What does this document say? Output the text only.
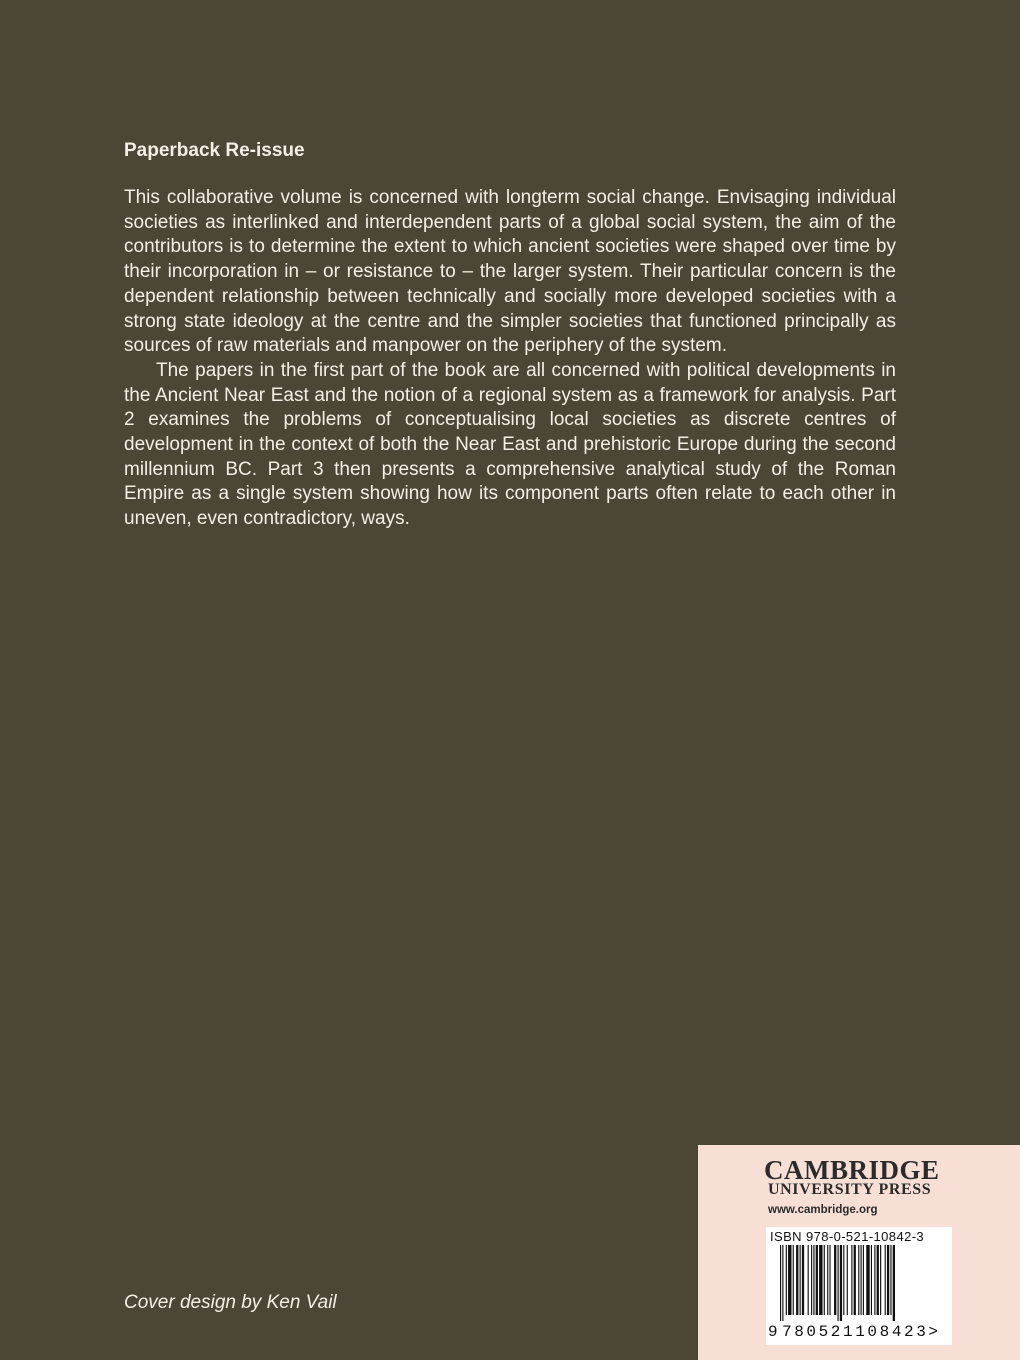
Paperback Re-issue

This collaborative volume is concerned with longterm social change. Envisaging individual societies as interlinked and interdependent parts of a global social system, the aim of the contributors is to determine the extent to which ancient societies were shaped over time by their incorporation in – or resistance to – the larger system. Their particular concern is the dependent relationship between technically and socially more developed societies with a strong state ideology at the centre and the simpler societies that functioned principally as sources of raw materials and manpower on the periphery of the system.

The papers in the first part of the book are all concerned with political developments in the Ancient Near East and the notion of a regional system as a framework for analysis. Part 2 examines the problems of conceptualising local societies as discrete centres of development in the context of both the Near East and prehistoric Europe during the second millennium BC. Part 3 then presents a comprehensive analytical study of the Roman Empire as a single system showing how its component parts often relate to each other in uneven, even contradictory, ways.

Cover design by Ken Vail
CAMBRIDGE
UNIVERSITY PRESS
www.cambridge.org
ISBN 978-0-521-10842-3
9 780521108423>
